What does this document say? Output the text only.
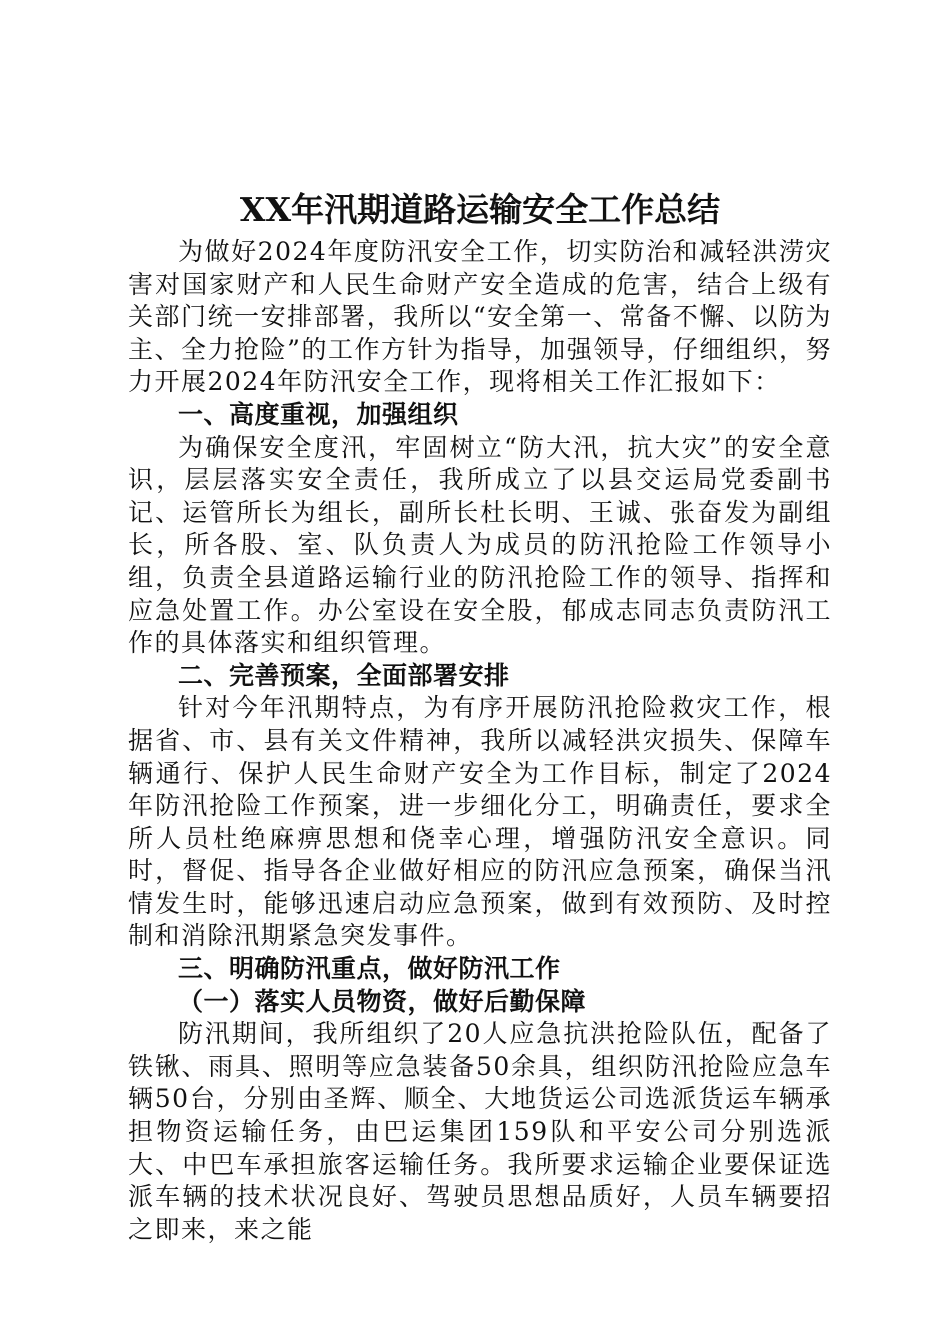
XX年汛期道路运输安全工作总结

为做好2024年度防汛安全工作，切实防治和减轻洪涝灾害对国家财产和人民生命财产安全造成的危害，结合上级有关部门统一安排部署，我所以“安全第一、常备不懈、以防为主、全力抢险”的工作方针为指导，加强领导，仔细组织，努力开展2024年防汛安全工作，现将相关工作汇报如下：

一、高度重视，加强组织

为确保安全度汛，牢固树立“防大汛，抗大灾”的安全意识，层层落实安全责任，我所成立了以县交运局党委副书记、运管所长为组长，副所长杜长明、王诚、张奋发为副组长，所各股、室、队负责人为成员的防汛抢险工作领导小组，负责全县道路运输行业的防汛抢险工作的领导、指挥和应急处置工作。办公室设在安全股，郁成志同志负责防汛工作的具体落实和组织管理。

二、完善预案，全面部署安排

针对今年汛期特点，为有序开展防汛抢险救灾工作，根据省、市、县有关文件精神，我所以减轻洪灾损失、保障车辆通行、保护人民生命财产安全为工作目标，制定了2024年防汛抢险工作预案，进一步细化分工，明确责任，要求全所人员杜绝麻痹思想和侥幸心理，增强防汛安全意识。同时，督促、指导各企业做好相应的防汛应急预案，确保当汛情发生时，能够迅速启动应急预案，做到有效预防、及时控制和消除汛期紧急突发事件。

三、明确防汛重点，做好防汛工作

（一）落实人员物资，做好后勤保障

防汛期间，我所组织了20人应急抗洪抢险队伍，配备了铁锹、雨具、照明等应急装备50余具，组织防汛抢险应急车辆50台，分别由圣辉、顺全、大地货运公司选派货运车辆承担物资运输任务，由巴运集团159队和平安公司分别选派大、中巴车承担旅客运输任务。我所要求运输企业要保证选派车辆的技术状况良好、驾驶员思想品质好，人员车辆要招之即来，来之能
